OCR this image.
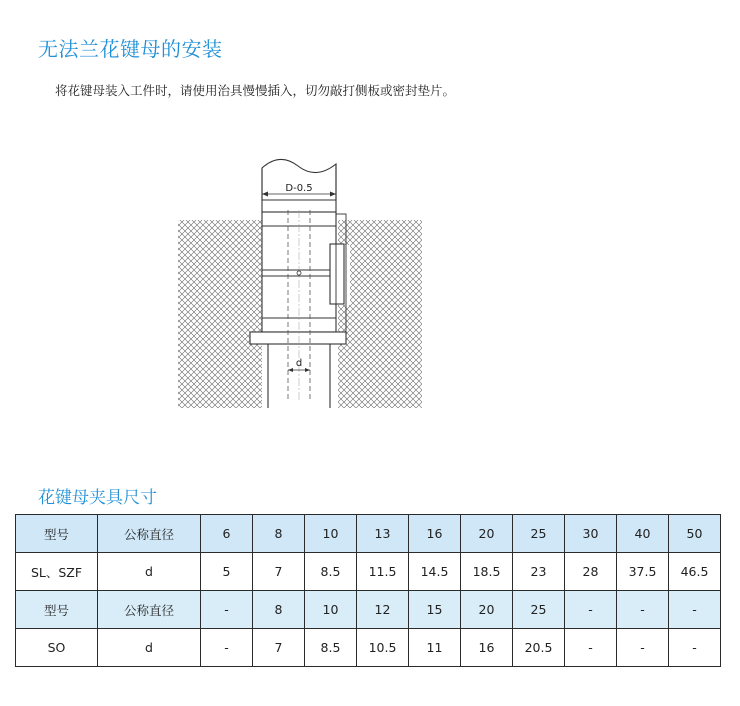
无法兰花键母的安装
将花键母装入工件时，请使用治具慢慢插入，切勿敲打侧板或密封垫片。
D-0.5
d
花键母夹具尺寸
型号	公称直径	6	8	10	13	16	20	25	30	40	50
SL、SZF	d	5	7	8.5	11.5	14.5	18.5	23	28	37.5	46.5
型号	公称直径	-	8	10	12	15	20	25	-	-	-
SO	d	-	7	8.5	10.5	11	16	20.5	-	-	-
